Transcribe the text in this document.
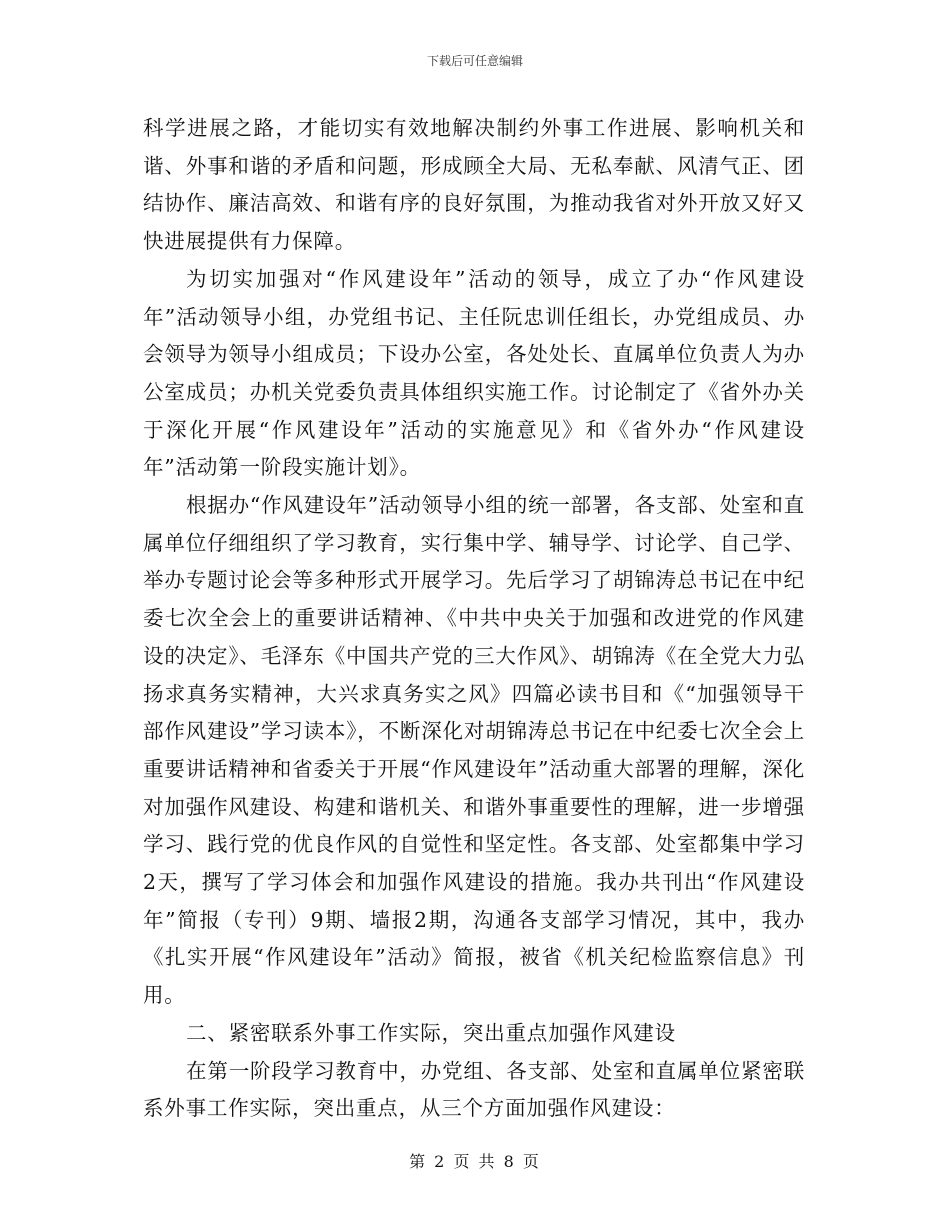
下载后可任意编辑

科学进展之路，才能切实有效地解决制约外事工作进展、影响机关和谐、外事和谐的矛盾和问题，形成顾全大局、无私奉献、风清气正、团结协作、廉洁高效、和谐有序的良好氛围，为推动我省对外开放又好又快进展提供有力保障。

为切实加强对“作风建设年”活动的领导，成立了办“作风建设年”活动领导小组，办党组书记、主任阮忠训任组长，办党组成员、办会领导为领导小组成员；下设办公室，各处处长、直属单位负责人为办公室成员；办机关党委负责具体组织实施工作。讨论制定了《省外办关于深化开展“作风建设年”活动的实施意见》和《省外办“作风建设年”活动第一阶段实施计划》。

根据办“作风建设年”活动领导小组的统一部署，各支部、处室和直属单位仔细组织了学习教育，实行集中学、辅导学、讨论学、自己学、举办专题讨论会等多种形式开展学习。先后学习了胡锦涛总书记在中纪委七次全会上的重要讲话精神、《中共中央关于加强和改进党的作风建设的决定》、毛泽东《中国共产党的三大作风》、胡锦涛《在全党大力弘扬求真务实精神，大兴求真务实之风》四篇必读书目和《“加强领导干部作风建设”学习读本》，不断深化对胡锦涛总书记在中纪委七次全会上重要讲话精神和省委关于开展“作风建设年”活动重大部署的理解，深化对加强作风建设、构建和谐机关、和谐外事重要性的理解，进一步增强学习、践行党的优良作风的自觉性和坚定性。各支部、处室都集中学习2天，撰写了学习体会和加强作风建设的措施。我办共刊出“作风建设年”简报（专刊）9期、墙报2期，沟通各支部学习情况，其中，我办《扎实开展“作风建设年”活动》简报，被省《机关纪检监察信息》刊用。

二、紧密联系外事工作实际，突出重点加强作风建设

在第一阶段学习教育中，办党组、各支部、处室和直属单位紧密联系外事工作实际，突出重点，从三个方面加强作风建设：

第 2 页 共 8 页
